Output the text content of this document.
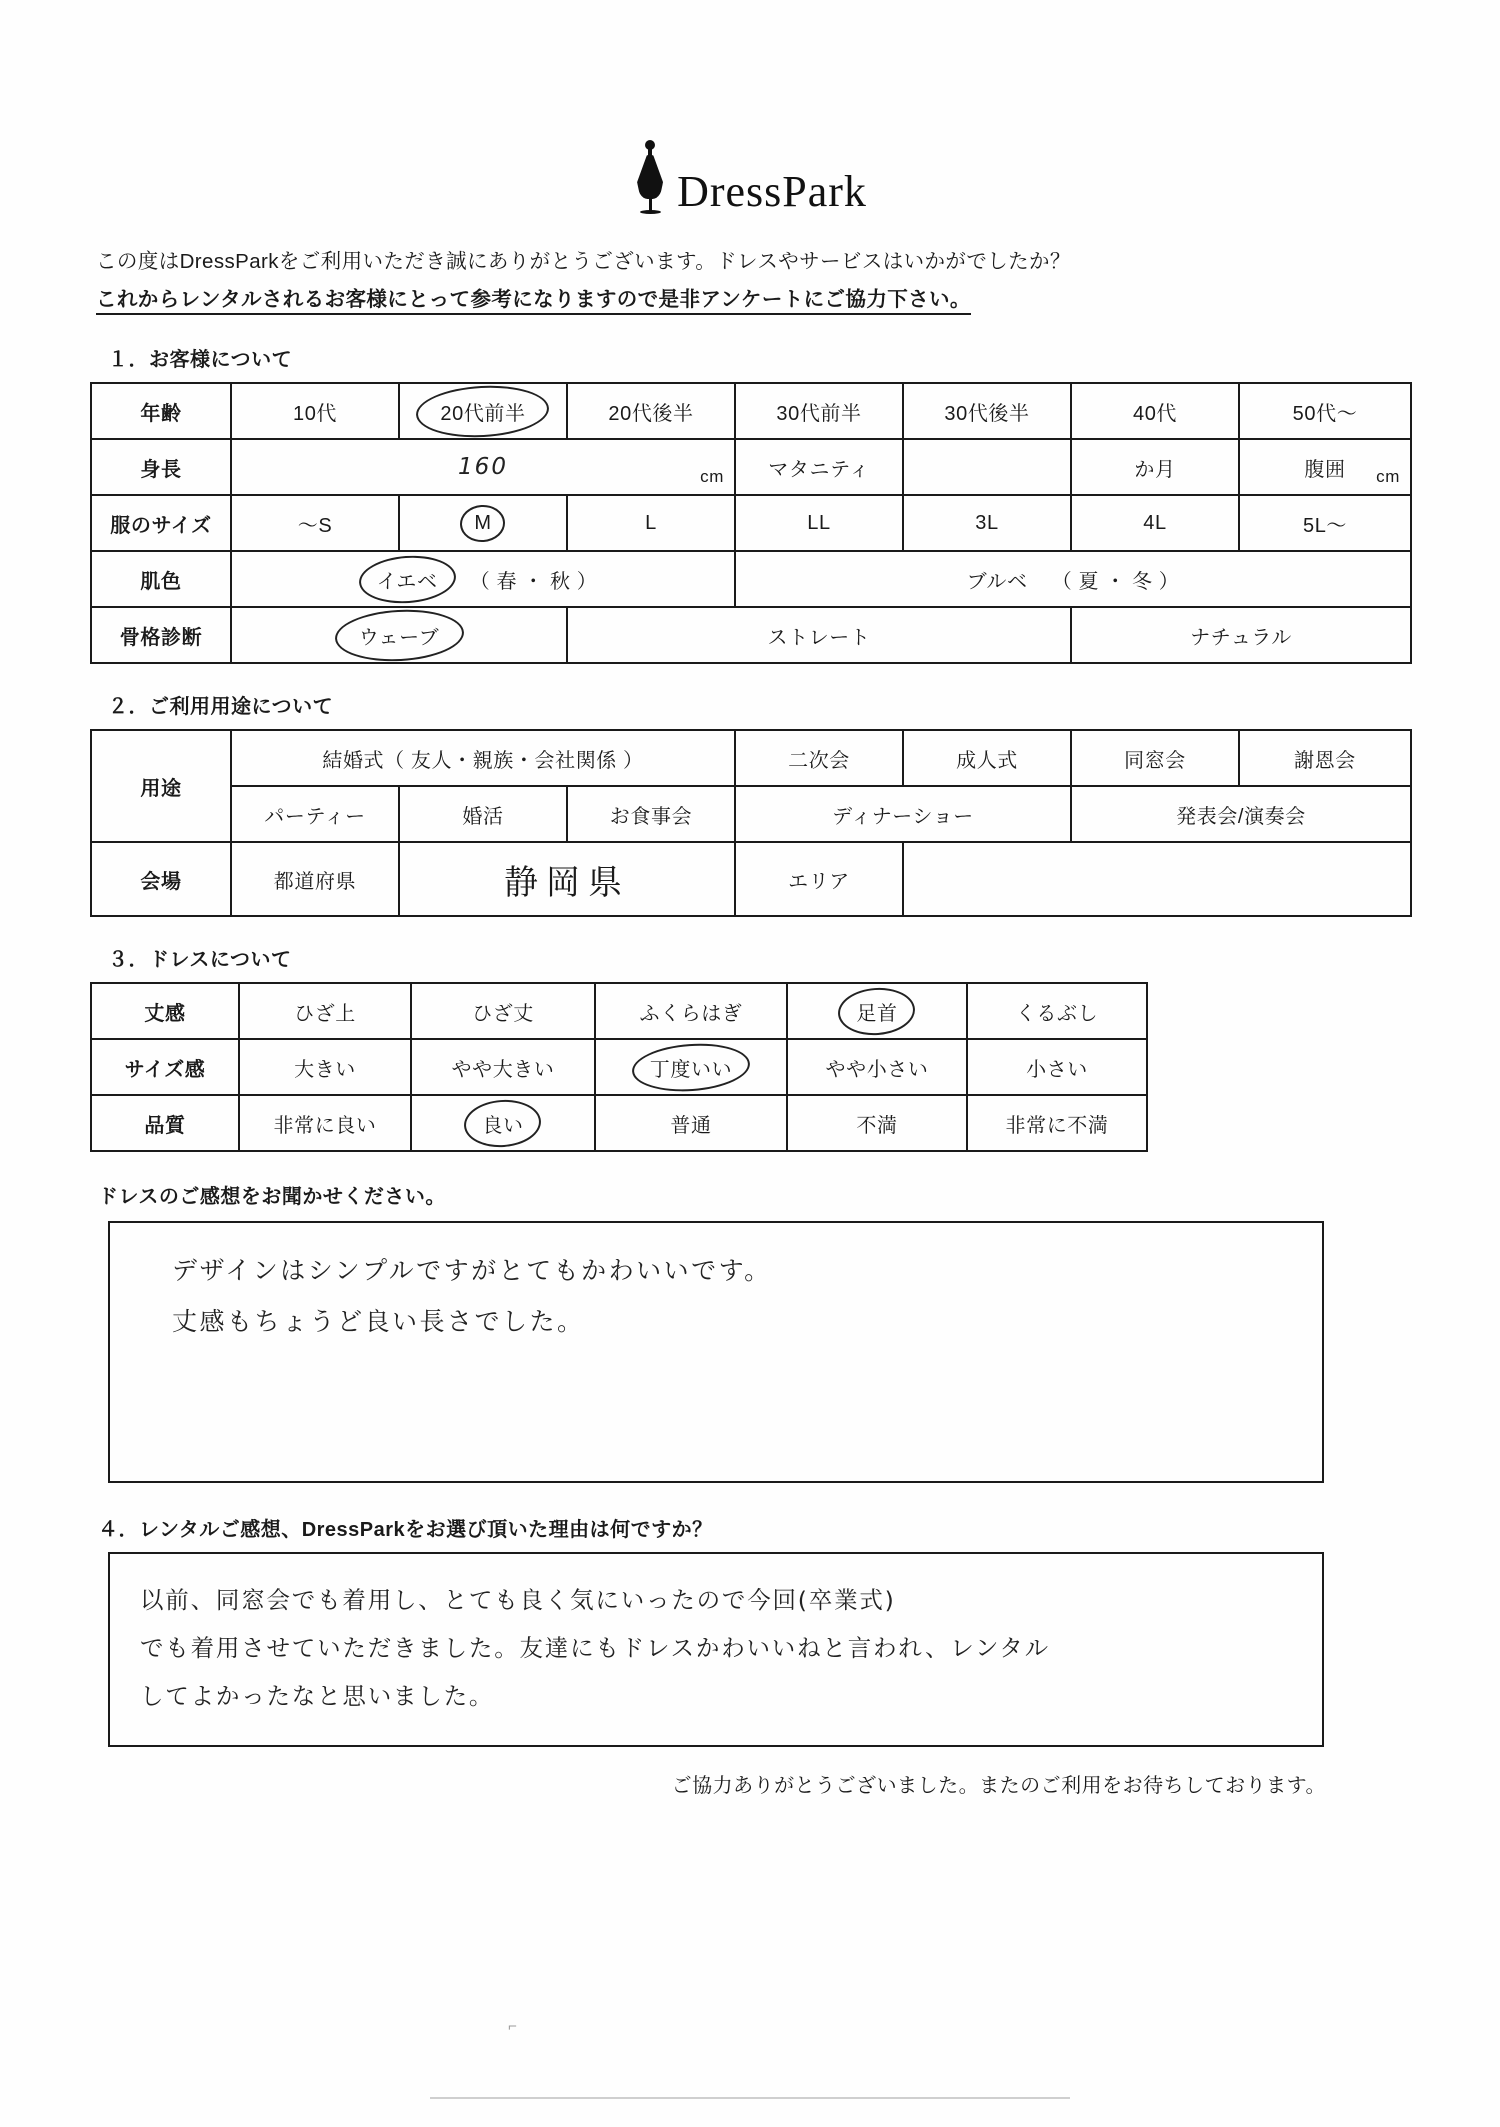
DressPark

この度はDressParkをご利用いただき誠にありがとうございます。ドレスやサービスはいかがでしたか？

これからレンタルされるお客様にとって参考になりますので是非アンケートにご協力下さい。
１．お客様について
年齢	10代	20代前半	20代後半	30代前半	30代後半	40代	50代～
身長	160 cm			マタニティ		か月	腹囲 cm

服のサイズ	～S	M	L	LL	3L	4L	5L～
肌色	イエベ （ 春 ・ 秋 ）			ブルベ （ 夏 ・ 冬 ）			
骨格診断	ウェーブ		ストレート			ナチュラル	
２．ご利用用途について
用途	結婚式（ 友人・親族・会社関係 ）			二次会	成人式	同窓会	謝恩会
	パーティー	婚活	お食事会	ディナーショー		発表会/演奏会	
会場	都道府県	静岡県		エリア			
３．ドレスについて
丈感	ひざ上	ひざ丈	ふくらはぎ	足首	くるぶし
サイズ感	大きい	やや大きい	丁度いい	やや小さい	小さい
品質	非常に良い	良い	普通	不満	非常に不満
ドレスのご感想をお聞かせください。
デザインはシンプルですがとてもかわいいです。
丈感もちょうど良い長さでした。
４．レンタルご感想、DressParkをお選び頂いた理由は何ですか？
以前、同窓会でも着用し、とても良く気にいったので今回(卒業式)
でも着用させていただきました。友達にもドレスかわいいねと言われ、レンタル
してよかったなと思いました。
ご協力ありがとうございました。またのご利用をお待ちしております。
⌐
